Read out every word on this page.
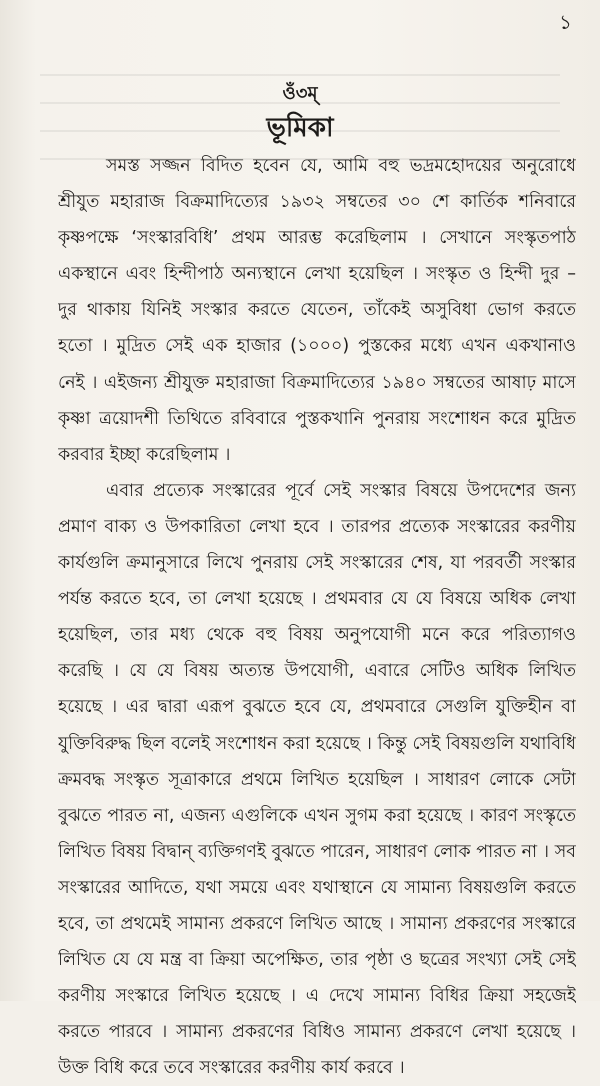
১
ওঁ৩ম্
ভূমিকা
সমস্ত সজ্জন বিদিত হবেন যে, আমি বহু ভদ্রমহোদয়ের অনুরোধে
শ্রীযুত মহারাজ বিক্রমাদিত্যের ১৯৩২ সম্বতের ৩০ শে কার্তিক শনিবারে
কৃষ্ণপক্ষে ‘সংস্কারবিধি’ প্রথম আরম্ভ করেছিলাম । সেখানে সংস্কৃতপাঠ
একস্থানে এবং হিন্দীপাঠ অন্যস্থানে লেখা হয়েছিল । সংস্কৃত ও হিন্দী দুর –
দুর থাকায় যিনিই সংস্কার করতে যেতেন, তাঁকেই অসুবিধা ভোগ করতে
হতো । মুদ্রিত সেই এক হাজার (১০০০) পুস্তকের মধ্যে এখন একখানাও
নেই । এইজন্য শ্রীযুক্ত মহারাজা বিক্রমাদিত্যের ১৯৪০ সম্বতের আষাঢ় মাসে
কৃষ্ণা ত্রয়োদশী তিথিতে রবিবারে পুস্তকখানি পুনরায় সংশোধন করে মুদ্রিত
করবার ইচ্ছা করেছিলাম ।
এবার প্রত্যেক সংস্কারের পূর্বে সেই সংস্কার বিষয়ে উপদেশের জন্য
প্রমাণ বাক্য ও উপকারিতা লেখা হবে । তারপর প্রত্যেক সংস্কারের করণীয়
কার্যগুলি ক্রমানুসারে লিখে পুনরায় সেই সংস্কারের শেষ, যা পরবর্তী সংস্কার
পর্যন্ত করতে হবে, তা লেখা হয়েছে । প্রথমবার যে যে বিষয়ে অধিক লেখা
হয়েছিল, তার মধ্য থেকে বহু বিষয় অনুপযোগী মনে করে পরিত্যাগও
করেছি । যে যে বিষয় অত্যন্ত উপযোগী, এবারে সেটিও অধিক লিখিত
হয়েছে । এর দ্বারা এরূপ বুঝতে হবে যে, প্রথমবারে সেগুলি যুক্তিহীন বা
যুক্তিবিরুদ্ধ ছিল বলেই সংশোধন করা হয়েছে । কিন্তু সেই বিষয়গুলি যথাবিধি
ক্রমবদ্ধ সংস্কৃত সূত্রাকারে প্রথমে লিখিত হয়েছিল । সাধারণ লোকে সেটা
বুঝতে পারত না, এজন্য এগুলিকে এখন সুগম করা হয়েছে । কারণ সংস্কৃতে
লিখিত বিষয় বিদ্বান্ ব্যক্তিগণই বুঝতে পারেন, সাধারণ লোক পারত না । সব
সংস্কারের আদিতে, যথা সময়ে এবং যথাস্থানে যে সামান্য বিষয়গুলি করতে
হবে, তা প্রথমেই সামান্য প্রকরণে লিখিত আছে । সামান্য প্রকরণের সংস্কারে
লিখিত যে যে মন্ত্র বা ক্রিয়া অপেক্ষিত, তার পৃষ্ঠা ও ছত্রের সংখ্যা সেই সেই
করণীয় সংস্কারে লিখিত হয়েছে । এ দেখে সামান্য বিধির ক্রিয়া সহজেই
করতে পারবে । সামান্য প্রকরণের বিধিও সামান্য প্রকরণে লেখা হয়েছে ।
উক্ত বিধি করে তবে সংস্কারের করণীয় কার্য করবে ।
